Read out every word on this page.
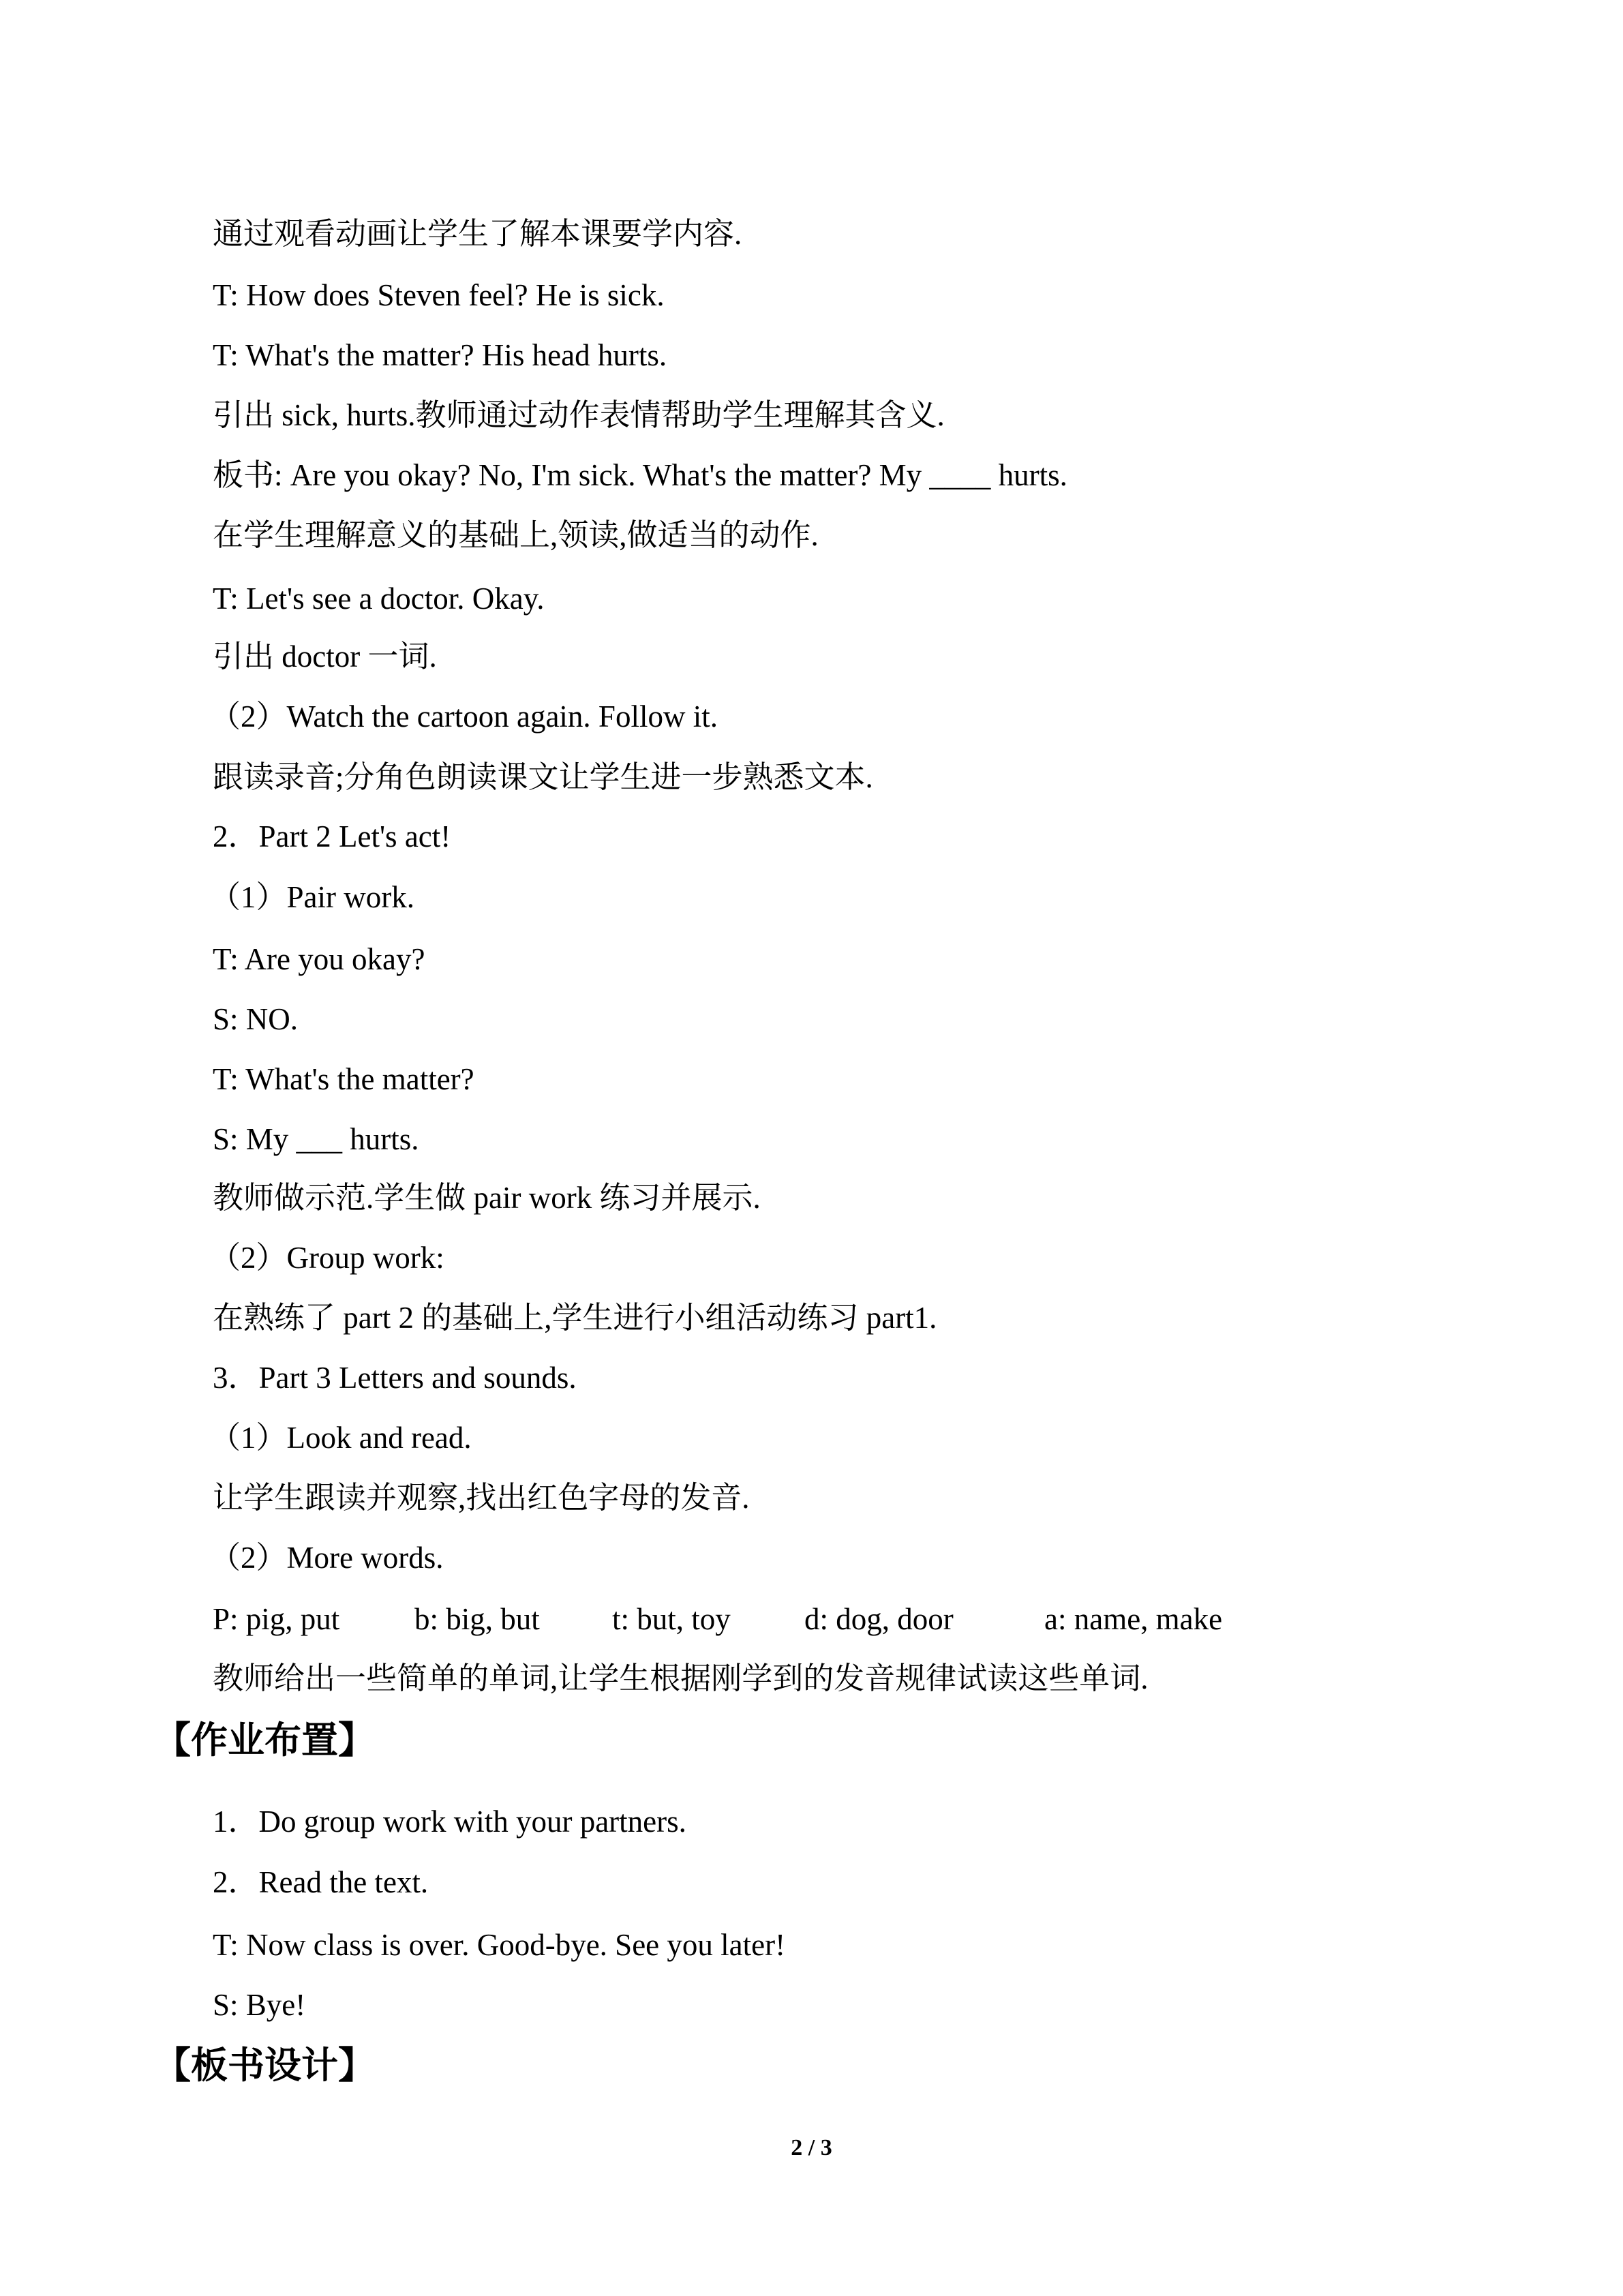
通过观看动画让学生了解本课要学内容.

T: How does Steven feel? He is sick.

T: What's the matter? His head hurts.

引出 sick, hurts.教师通过动作表情帮助学生理解其含义.

板书: Are you okay? No, I'm sick. What's the matter? My ____ hurts.

在学生理解意义的基础上,领读,做适当的动作.

T: Let's see a doctor. Okay.

引出 doctor 一词.

（2）Watch the cartoon again. Follow it.

跟读录音;分角色朗读课文让学生进一步熟悉文本.

2．Part 2 Let's act!

（1）Pair work.

T: Are you okay?

S: NO.

T: What's the matter?

S: My ___ hurts.

教师做示范.学生做 pair work 练习并展示.

（2）Group work:

在熟练了 part 2 的基础上,学生进行小组活动练习 part1.

3．Part 3 Letters and sounds.

（1）Look and read.

让学生跟读并观察,找出红色字母的发音.

（2）More words.

P: pig, put

b: big, but

t: but, toy

d: dog, door

	a: name, make

教师给出一些简单的单词,让学生根据刚学到的发音规律试读这些单词.

【作业布置】

1．Do group work with your partners.

2．Read the text.

T: Now class is over. Good-bye. See you later!

S: Bye!

【板书设计】
2 / 3
